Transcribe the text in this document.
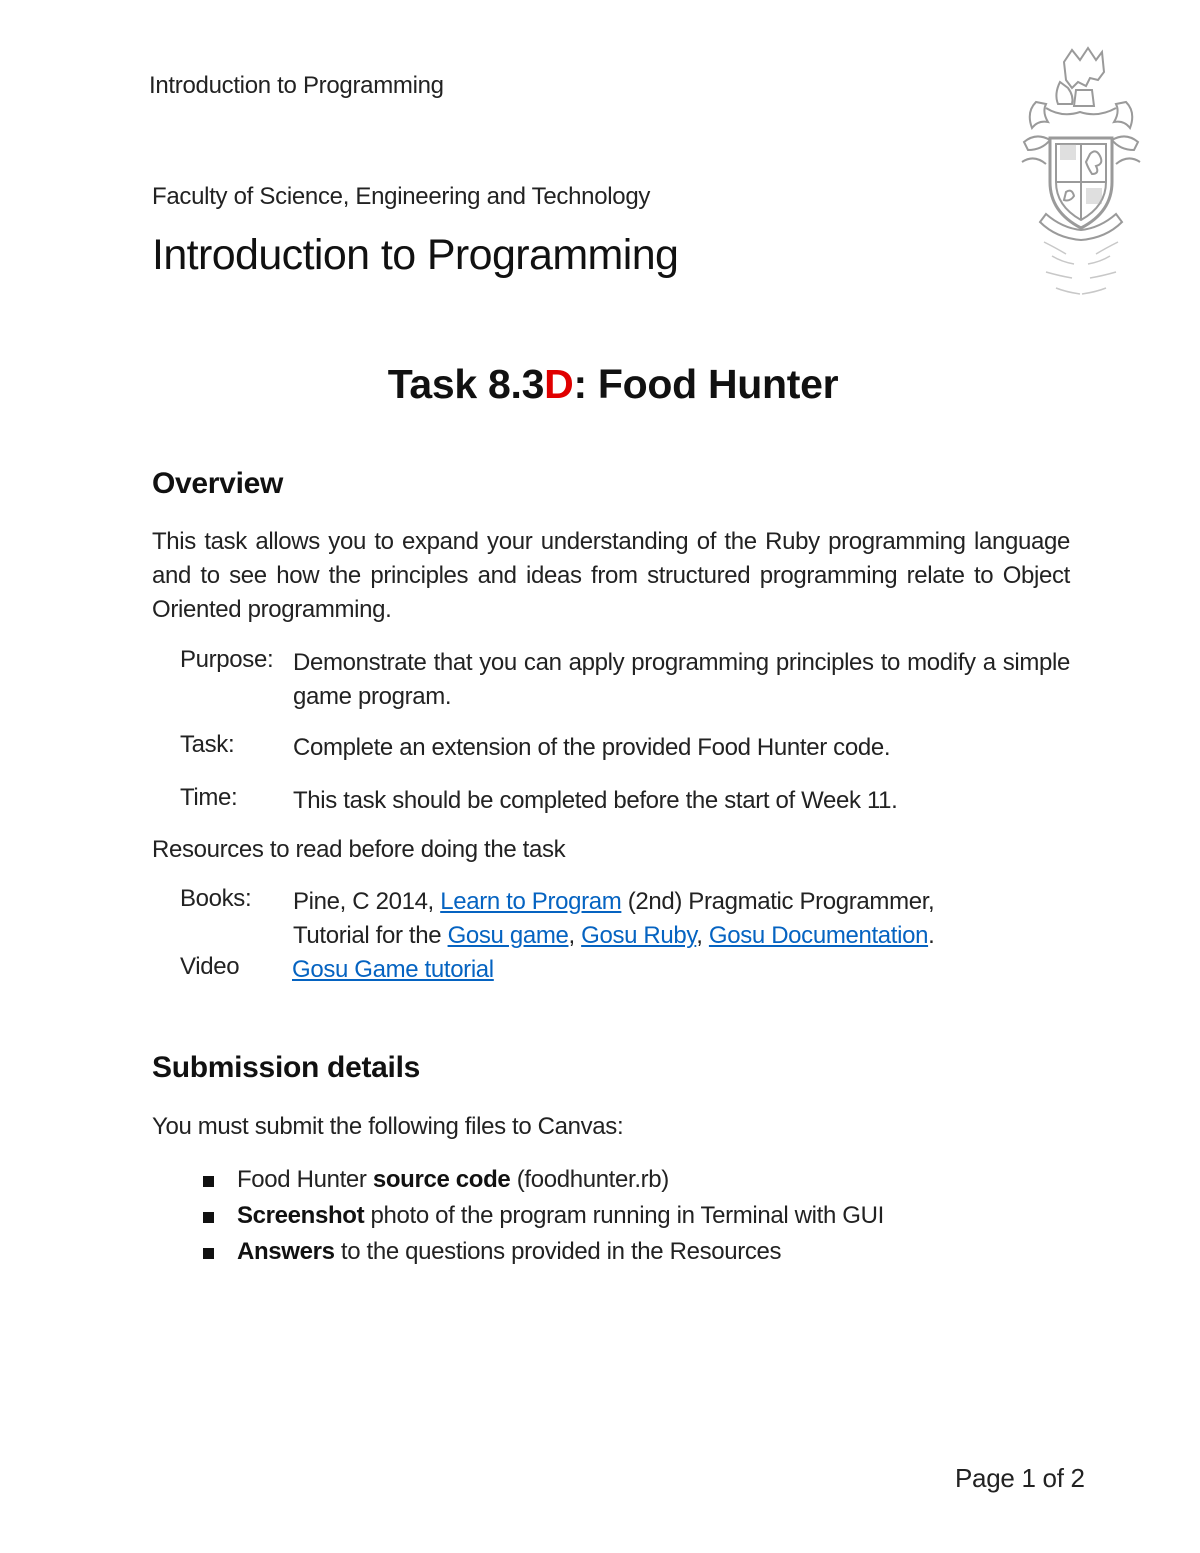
Introduction to Programming
Faculty of Science, Engineering and Technology
Introduction to Programming
Task 8.3D: Food Hunter
Overview
This task allows you to expand your understanding of the Ruby programming language and to see how the principles and ideas from structured programming relate to Object Oriented programming.
Purpose: Demonstrate that you can apply programming principles to modify a simple
game program.
Task: Complete an extension of the provided Food Hunter code.
Time: This task should be completed before the start of Week 11.
Resources to read before doing the task
Books: Pine, C 2014, Learn to Program (2nd) Pragmatic Programmer,
Tutorial for the Gosu game, Gosu Ruby, Gosu Documentation.
Video Gosu Game tutorial
Submission details
You must submit the following files to Canvas:
Food Hunter source code (foodhunter.rb)
Screenshot photo of the program running in Terminal with GUI
Answers to the questions provided in the Resources
Page 1 of 2
